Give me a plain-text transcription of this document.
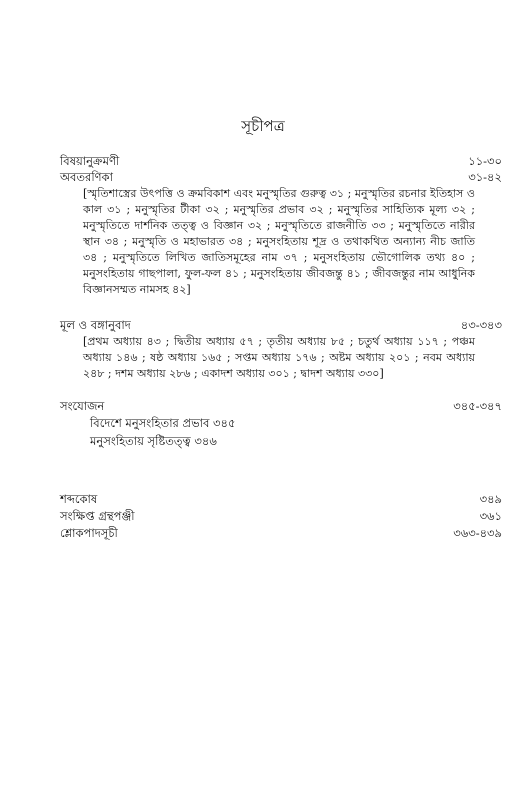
সূচীপত্র
বিষয়ানুক্রমণী	১১-৩০
অবতরণিকা	৩১-৪২
[স্মৃতিশাস্ত্রের উৎপত্তি ও ক্রমবিকাশ এবং মনুস্মৃতির গুরুত্ব ৩১ ; মনুস্মৃতির রচনার ইতিহাস ও কাল ৩১ ; মনুস্মৃতির টীকা ৩২ ; মনুস্মৃতির প্রভাব ৩২ ; মনুস্মৃতির সাহিত্যিক মূল্য ৩২ ; মনুস্মৃতিতে দার্শনিক তত্ত্ব ও বিজ্ঞান ৩২ ; মনুস্মৃতিতে রাজনীতি ৩৩ ; মনুস্মৃতিতে নারীর স্থান ৩৪ ; মনুস্মৃতি ও মহাভারত ৩৪ ; মনুসংহিতায় শূদ্র ও তথাকথিত অন্যান্য নীচ জাতি ৩৪ ; মনুস্মৃতিতে লিখিত জাতিসমূহের নাম ৩৭ ; মনুসংহিতায় ভৌগোলিক তথ্য ৪০ ; মনুসংহিতায় গাছপালা, ফুল-ফল ৪১ ; মনুসংহিতায় জীবজন্তু ৪১ ; জীবজন্তুর নাম আধুনিক বিজ্ঞানসম্মত নামসহ ৪২]
মূল ও বঙ্গানুবাদ	৪৩-৩৪৩
[প্রথম অধ্যায় ৪৩ ; দ্বিতীয় অধ্যায় ৫৭ ; তৃতীয় অধ্যায় ৮৫ ; চতুর্থ অধ্যায় ১১৭ ; পঞ্চম অধ্যায় ১৪৬ ; ষষ্ঠ অধ্যায় ১৬৫ ; সপ্তম অধ্যায় ১৭৬ ; অষ্টম অধ্যায় ২০১ ; নবম অধ্যায় ২৪৮ ; দশম অধ্যায় ২৮৬ ; একাদশ অধ্যায় ৩০১ ; দ্বাদশ অধ্যায় ৩৩০]
সংযোজন	৩৪৫-৩৪৭
বিদেশে মনুসংহিতার প্রভাব ৩৪৫
মনুসংহিতায় সৃষ্টিতত্ত্ব ৩৪৬
শব্দকোষ	৩৪৯
সংক্ষিপ্ত গ্রন্থপঞ্জী	৩৬১
শ্লোকপাদসূচী	৩৬৩-৪৩৯
